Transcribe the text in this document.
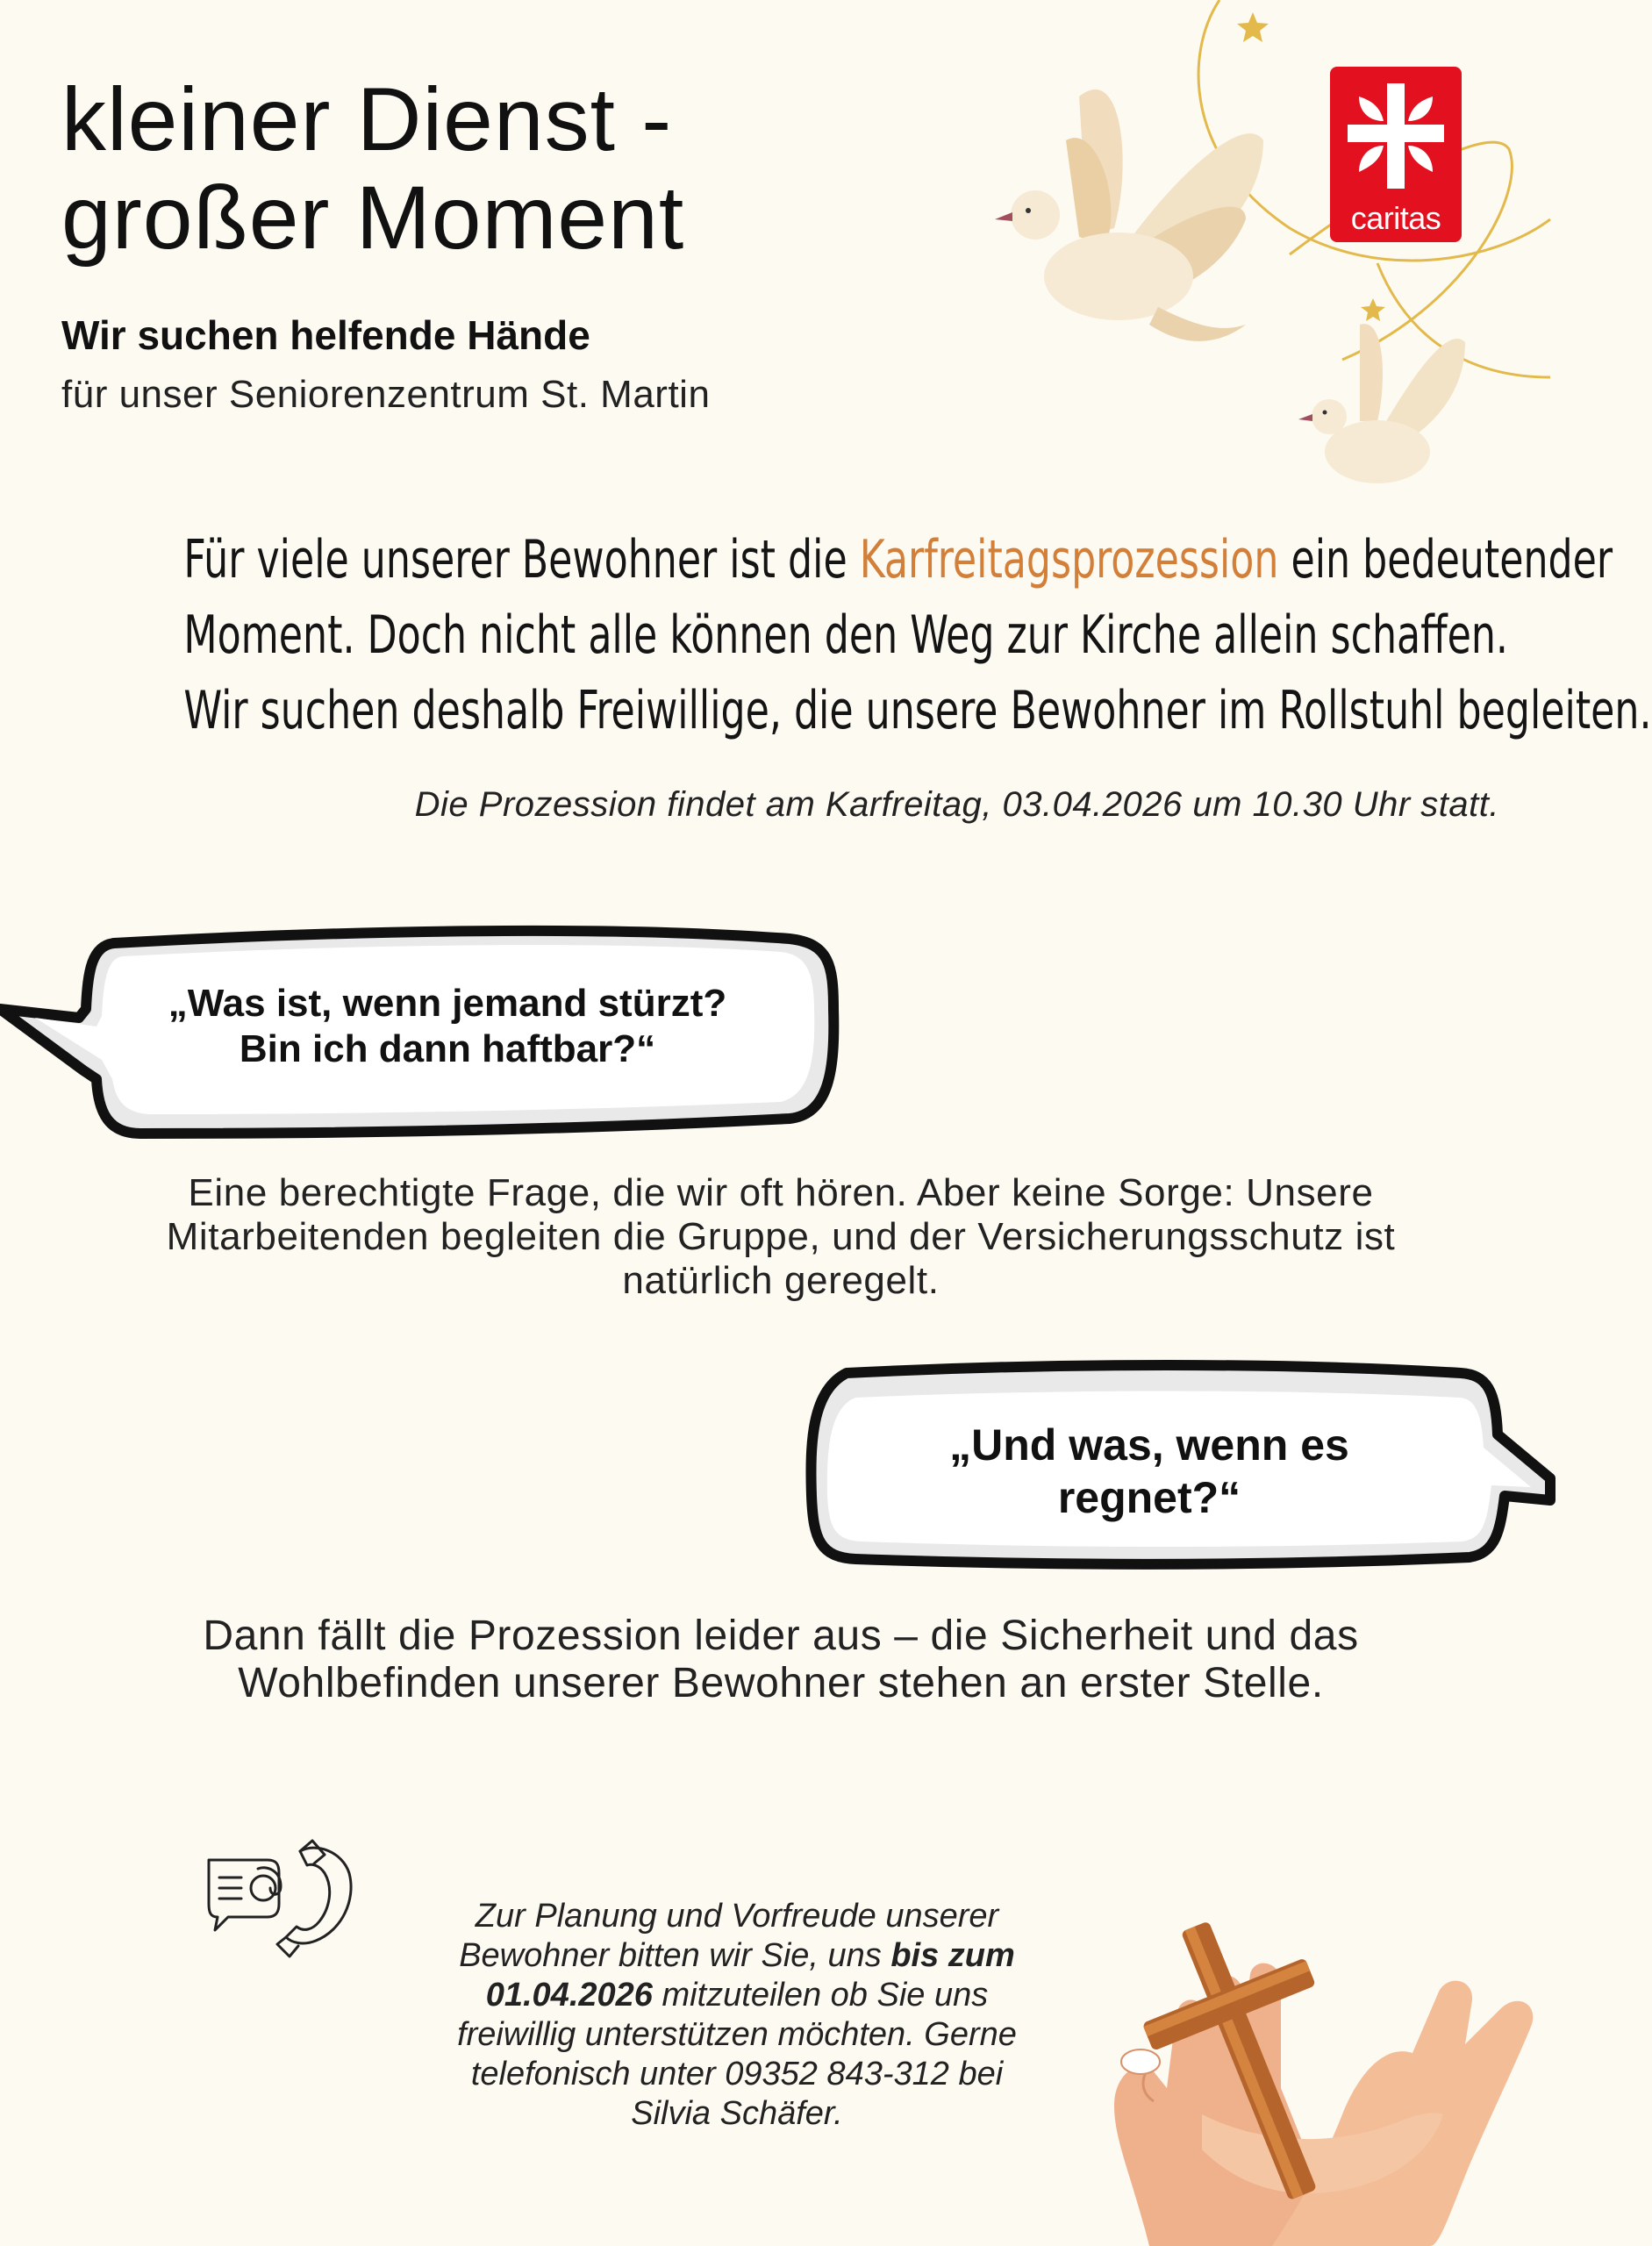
caritas
kleiner Dienst -
großer Moment
Wir suchen helfende Hände
für unser Seniorenzentrum St. Martin
Für viele unserer Bewohner ist die Karfreitagsprozession ein bedeutender
Moment. Doch nicht alle können den Weg zur Kirche allein schaffen.
Wir suchen deshalb Freiwillige, die unsere Bewohner im Rollstuhl begleiten.
Die Prozession findet am Karfreitag, 03.04.2026 um 10.30 Uhr statt.
„Was ist, wenn jemand stürzt?
Bin ich dann haftbar?“
Eine berechtigte Frage, die wir oft hören. Aber keine Sorge: Unsere
Mitarbeitenden begleiten die Gruppe, und der Versicherungsschutz ist
natürlich geregelt.
„Und was, wenn es
regnet?“
Dann fällt die Prozession leider aus – die Sicherheit und das
Wohlbefinden unserer Bewohner stehen an erster Stelle.
Zur Planung und Vorfreude unserer
Bewohner bitten wir Sie, uns bis zum
01.04.2026 mitzuteilen ob Sie uns
freiwillig unterstützen möchten. Gerne
telefonisch unter 09352 843-312 bei
Silvia Schäfer.
